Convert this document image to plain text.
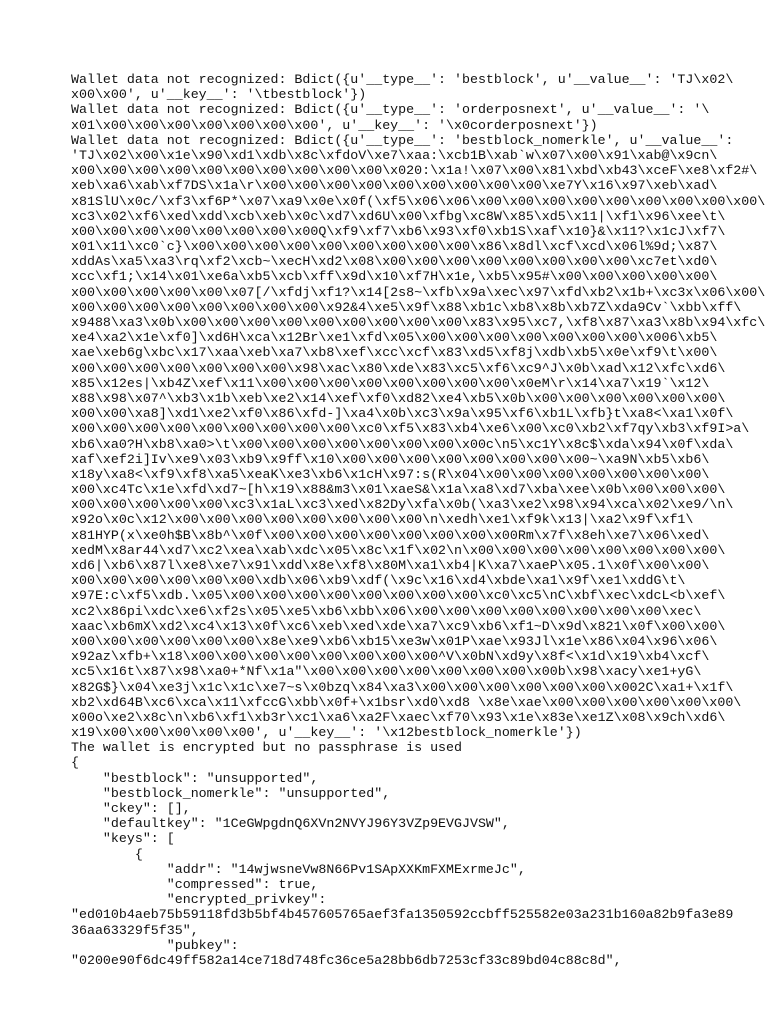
Wallet data not recognized: Bdict({u'__type__': 'bestblock', u'__value__': 'TJ\x02\
x00\x00', u'__key__': '\tbestblock'})
Wallet data not recognized: Bdict({u'__type__': 'orderposnext', u'__value__': '\
x01\x00\x00\x00\x00\x00\x00\x00', u'__key__': '\x0corderposnext'})
Wallet data not recognized: Bdict({u'__type__': 'bestblock_nomerkle', u'__value__':
'TJ\x02\x00\x1e\x90\xd1\xdb\x8c\xfdoV\xe7\xaa:\xcb1B\xab`w\x07\x00\x91\xab@\x9cn\
x00\x00\x00\x00\x00\x00\x00\x00\x00\x00\x020:\x1a!\x07\x00\x81\xbd\xb43\xceF\xe8\xf2#\
xeb\xa6\xab\xf7DS\x1a\r\x00\x00\x00\x00\x00\x00\x00\x00\x00\xe7Y\x16\x97\xeb\xad\
x81SlU\x0c/\xf3\xf6P*\x07\xa9\x0e\x0f(\xf5\x06\x06\x00\x00\x00\x00\x00\x00\x00\x00\x00\
xc3\x02\xf6\xed\xdd\xcb\xeb\x0c\xd7\xd6U\x00\xfbg\xc8W\x85\xd5\x11|\xf1\x96\xee\t\
x00\x00\x00\x00\x00\x00\x00\x00Q\xf9\xf7\xb6\x93\xf0\xb1S\xaf\x10}&\x11?\x1cJ\xf7\
x01\x11\xc0`c}\x00\x00\x00\x00\x00\x00\x00\x00\x00\x86\x8dl\xcf\xcd\x06l%9d;\x87\
xddAs\xa5\xa3\rq\xf2\xcb~\xecH\xd2\x08\x00\x00\x00\x00\x00\x00\x00\x00\xc7et\xd0\
xcc\xf1;\x14\x01\xe6a\xb5\xcb\xff\x9d\x10\xf7H\x1e,\xb5\x95#\x00\x00\x00\x00\x00\
x00\x00\x00\x00\x00\x07[/\xfdj\xf1?\x14[2s8~\xfb\x9a\xec\x97\xfd\xb2\x1b+\xc3x\x06\x00\
x00\x00\x00\x00\x00\x00\x00\x00\x92&4\xe5\x9f\x88\xb1c\xb8\x8b\xb7Z\xda9Cv`\xbb\xff\
x9488\xa3\x0b\x00\x00\x00\x00\x00\x00\x00\x00\x00\x83\x95\xc7,\xf8\x87\xa3\x8b\x94\xfc\
xe4\xa2\x1e\xf0]\xd6H\xca\x12Br\xe1\xfd\x05\x00\x00\x00\x00\x00\x00\x00\x006\xb5\
xae\xeb6g\xbc\x17\xaa\xeb\xa7\xb8\xef\xcc\xcf\x83\xd5\xf8j\xdb\xb5\x0e\xf9\t\x00\
x00\x00\x00\x00\x00\x00\x00\x98\xac\x80\xde\x83\xc5\xf6\xc9^J\x0b\xad\x12\xfc\xd6\
x85\x12es|\xb4Z\xef\x11\x00\x00\x00\x00\x00\x00\x00\x00\x0eM\r\x14\xa7\x19`\x12\
x88\x98\x07^\xb3\x1b\xeb\xe2\x14\xef\xf0\xd82\xe4\xb5\x0b\x00\x00\x00\x00\x00\x00\
x00\x00\xa8]\xd1\xe2\xf0\x86\xfd-]\xa4\x0b\xc3\x9a\x95\xf6\xb1L\xfb}t\xa8<\xa1\x0f\
x00\x00\x00\x00\x00\x00\x00\x00\x00\xc0\xf5\x83\xb4\xe6\x00\xc0\xb2\xf7qy\xb3\xf9I>a\
xb6\xa0?H\xb8\xa0>\t\x00\x00\x00\x00\x00\x00\x00\x00c\n5\xc1Y\x8c$\xda\x94\x0f\xda\
xaf\xef2i]Iv\xe9\x03\xb9\x9ff\x10\x00\x00\x00\x00\x00\x00\x00\x00~\xa9N\xb5\xb6\
x18y\xa8<\xf9\xf8\xa5\xeaK\xe3\xb6\x1cH\x97:s(R\x04\x00\x00\x00\x00\x00\x00\x00\
x00\xc4Tc\x1e\xfd\xd7~[h\x19\x88&m3\x01\xaeS&\x1a\xa8\xd7\xba\xee\x0b\x00\x00\x00\
x00\x00\x00\x00\x00\xc3\x1aL\xc3\xed\x82Dy\xfa\x0b(\xa3\xe2\x98\x94\xca\x02\xe9/\n\
x92o\x0c\x12\x00\x00\x00\x00\x00\x00\x00\x00\n\xedh\xe1\xf9k\x13|\xa2\x9f\xf1\
x81HYP(x\xe0h$B\x8b^\x0f\x00\x00\x00\x00\x00\x00\x00\x00Rm\x7f\x8eh\xe7\x06\xed\
xedM\x8ar44\xd7\xc2\xea\xab\xdc\x05\x8c\x1f\x02\n\x00\x00\x00\x00\x00\x00\x00\x00\
xd6|\xb6\x87l\xe8\xe7\x91\xdd\x8e\xf8\x80M\xa1\xb4|K\xa7\xaeP\x05.1\x0f\x00\x00\
x00\x00\x00\x00\x00\x00\xdb\x06\xb9\xdf(\x9c\x16\xd4\xbde\xa1\x9f\xe1\xddG\t\
x97E:c\xf5\xdb.\x05\x00\x00\x00\x00\x00\x00\x00\x00\xc0\xc5\nC\xbf\xec\xdcL<b\xef\
xc2\x86pi\xdc\xe6\xf2s\x05\xe5\xb6\xbb\x06\x00\x00\x00\x00\x00\x00\x00\x00\xec\
xaac\xb6mX\xd2\xc4\x13\x0f\xc6\xeb\xed\xde\xa7\xc9\xb6\xf1~D\x9d\x821\x0f\x00\x00\
x00\x00\x00\x00\x00\x00\x8e\xe9\xb6\xb15\xe3w\x01P\xae\x93Jl\x1e\x86\x04\x96\x06\
x92az\xfb+\x18\x00\x00\x00\x00\x00\x00\x00\x00^V\x0bN\xd9y\x8f<\x1d\x19\xb4\xcf\
xc5\x16t\x87\x98\xa0+*Nf\x1a"\x00\x00\x00\x00\x00\x00\x00\x00b\x98\xacy\xe1+yG\
x82G$}\x04\xe3j\x1c\x1c\xe7~s\x0bzq\x84\xa3\x00\x00\x00\x00\x00\x00\x002C\xa1+\x1f\
xb2\xd64B\xc6\xca\x11\xfccG\xbb\x0f+\x1bsr\xd0\xd8 \x8e\xae\x00\x00\x00\x00\x00\x00\
x00o\xe2\x8c\n\xb6\xf1\xb3r\xc1\xa6\xa2F\xaec\xf70\x93\x1e\x83e\xe1Z\x08\x9ch\xd6\
x19\x00\x00\x00\x00\x00', u'__key__': '\x12bestblock_nomerkle'})
The wallet is encrypted but no passphrase is used
{
"bestblock": "unsupported",
"bestblock_nomerkle": "unsupported",
"ckey": [],
"defaultkey": "1CeGWpgdnQ6XVn2NVYJ96Y3VZp9EVGJVSW",
"keys": [
{
"addr": "14wjwsneVw8N66Pv1SApXXKmFXMExrmeJc",
"compressed": true,
"encrypted_privkey":
"ed010b4aeb75b59118fd3b5bf4b457605765aef3fa1350592ccbff525582e03a231b160a82b9fa3e89
36aa63329f5f35",
"pubkey":
"0200e90f6dc49ff582a14ce718d748fc36ce5a28bb6db7253cf33c89bd04c88c8d",
